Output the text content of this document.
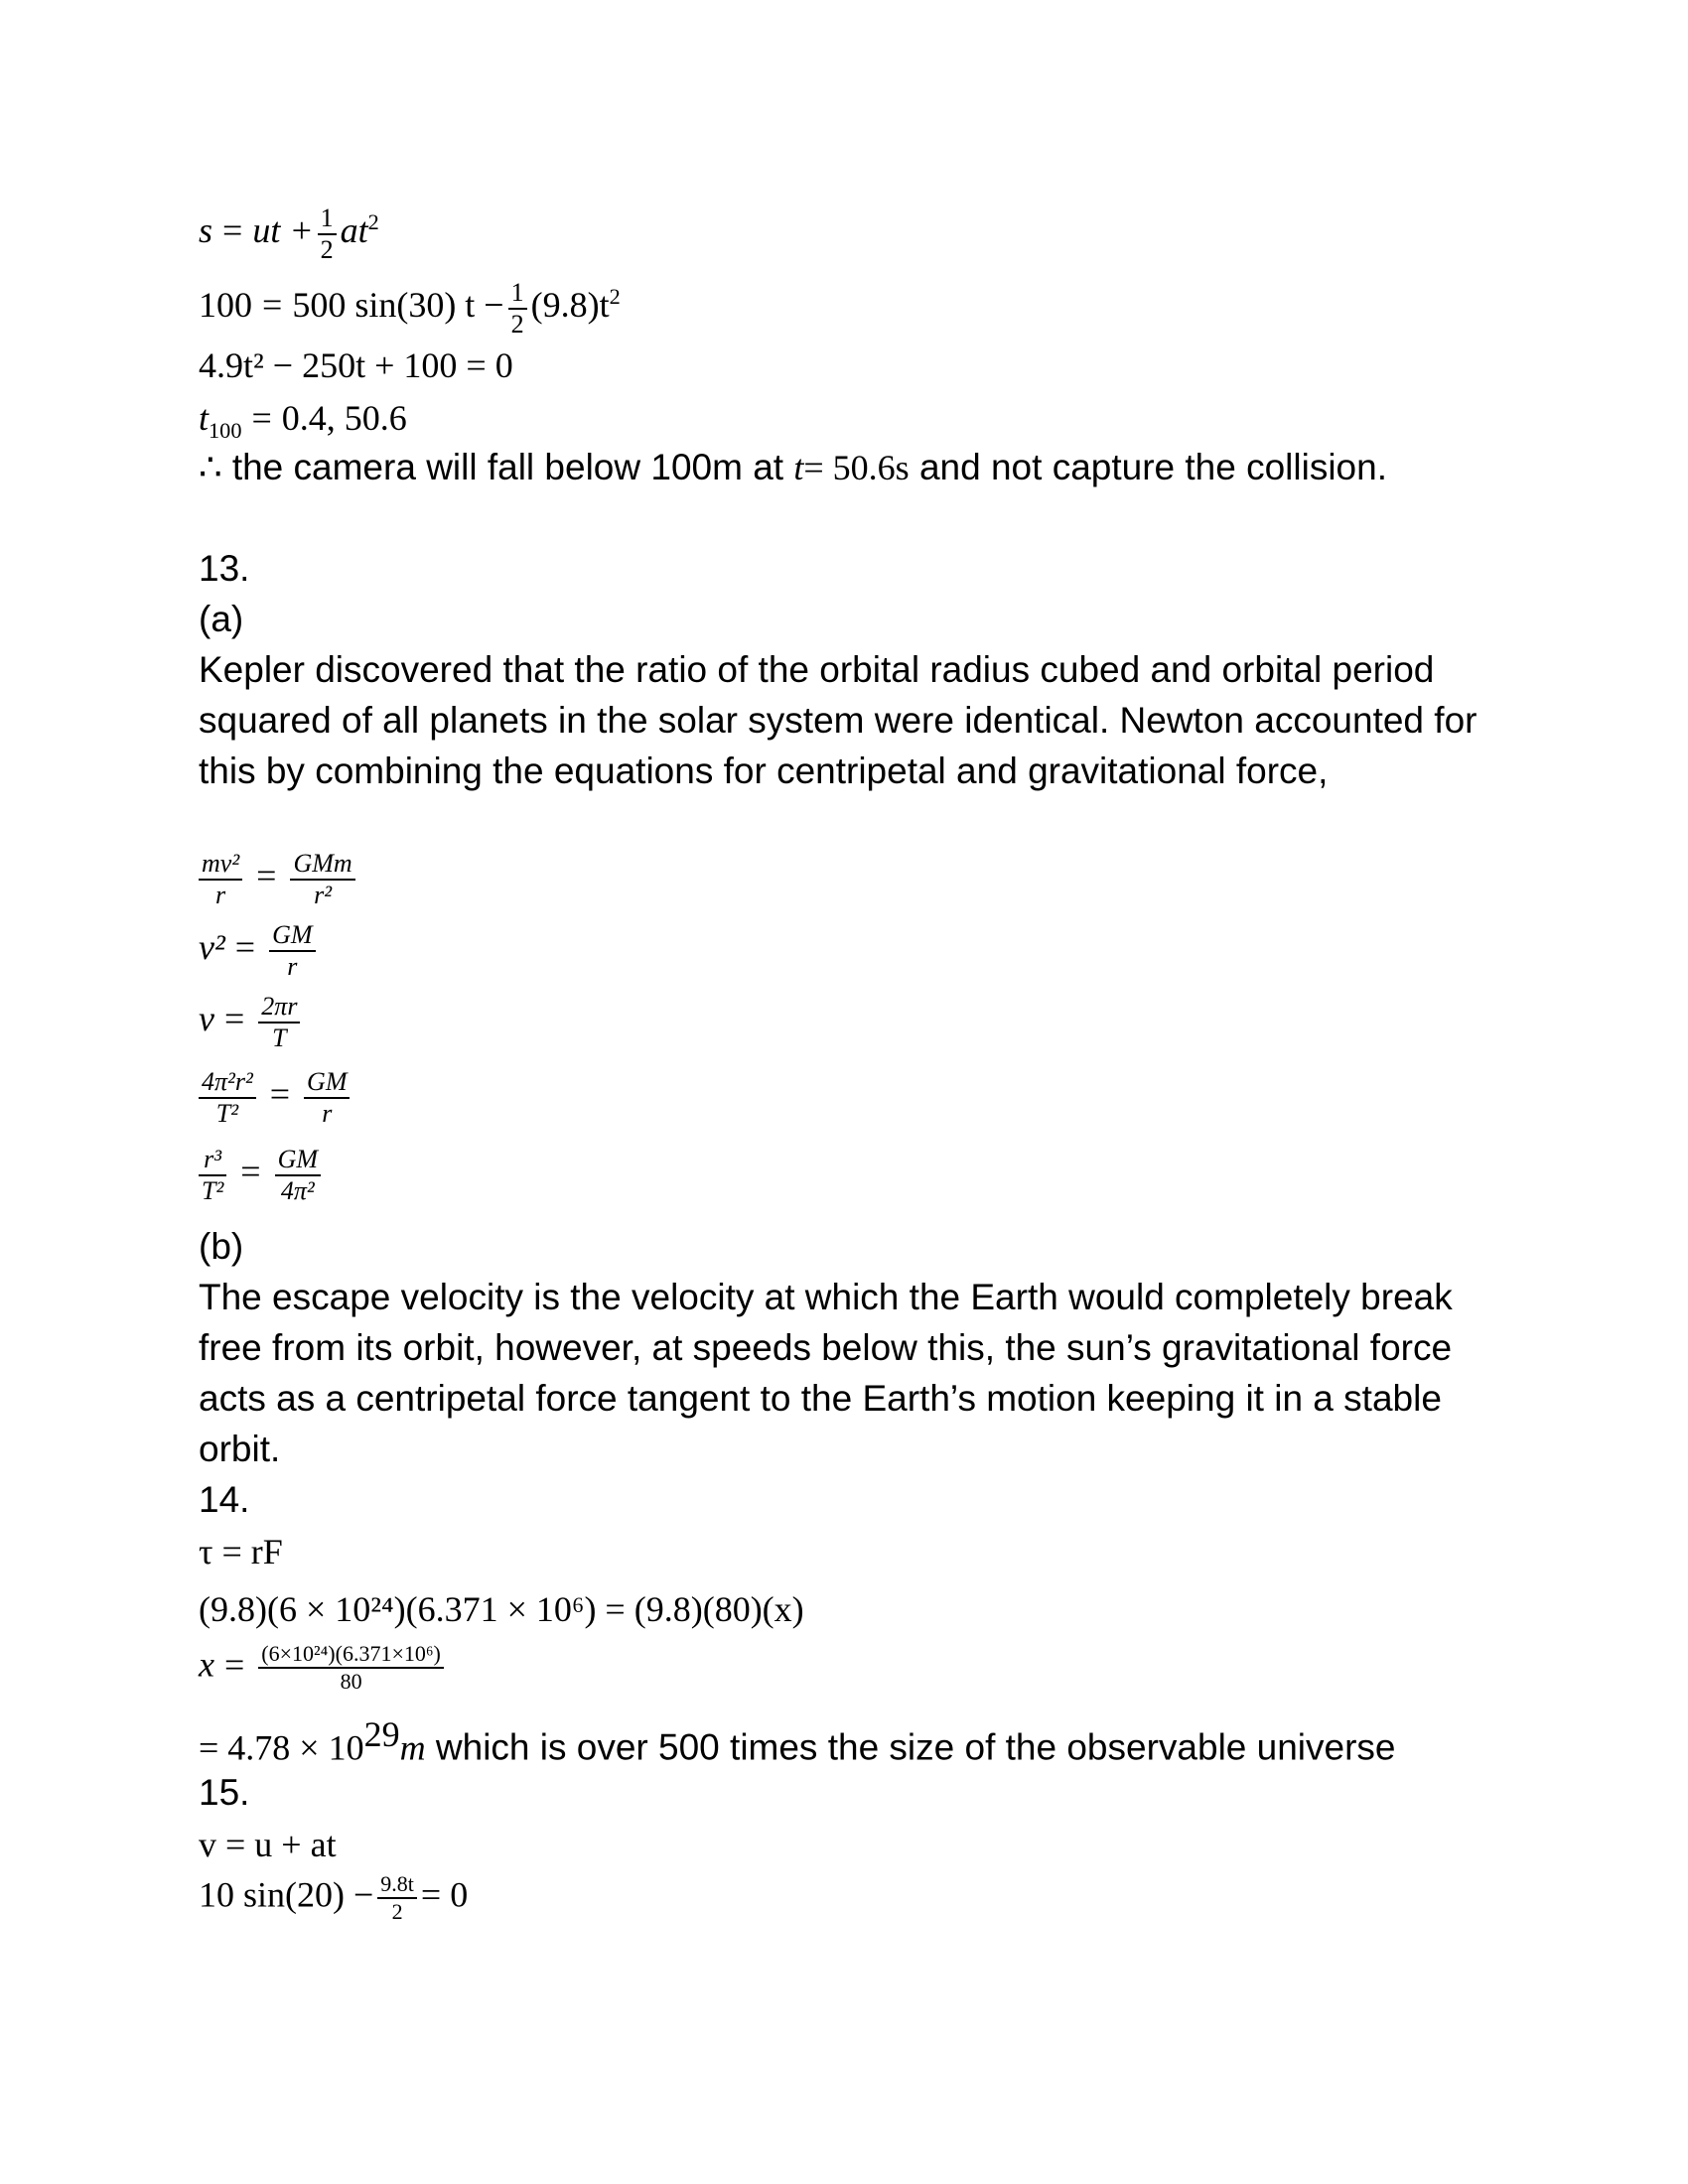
s = ut + $\frac{1}{2} at^2$
100 = 500 sin(30) $t - \frac{1}{2} (9.8)t^2$
4.9t² − 250t + 100 = 0
$t_{100} = 0.4$, 50.6
∴ the camera will fall below 100m at t= 50.6s and not capture the collision.
13.
(a)
Kepler discovered that the ratio of the orbital radius cubed and orbital period squared of all planets in the solar system were identical. Newton accounted for this by combining the equations for centripetal and gravitational force,
$\frac{\text{mv²}}{r} = \frac{\text{GMm}}{\text{r²}}$
$v^2 = \frac{GM}{r}$
$v = \frac{2\pi r}{T}$
$\frac{\text{4π²r²}}{\text{T²}} = \frac{GM}{r}$
$\frac{\text{r³}}{\text{T²}} = \frac{GM}{\text{4π²}}$
(b)
The escape velocity is the velocity at which the Earth would completely break free from its orbit, however, at speeds below this, the sun’s gravitational force acts as a centripetal force tangent to the Earth’s motion keeping it in a stable orbit.
14.
τ = rF
(9.8)(6 × 10²⁴)(6.371 × 10⁶) = (9.8)(80)(x)
$x = \frac{\text{(6×10²⁴)(6.371×10⁶)}}{80}$
= $4.78 \times 10^{29}m$ which is over 500 times the size of the observable universe
15.
v = u + at
10 $\sin(20) - \frac{9.8t}{2} = 0$
